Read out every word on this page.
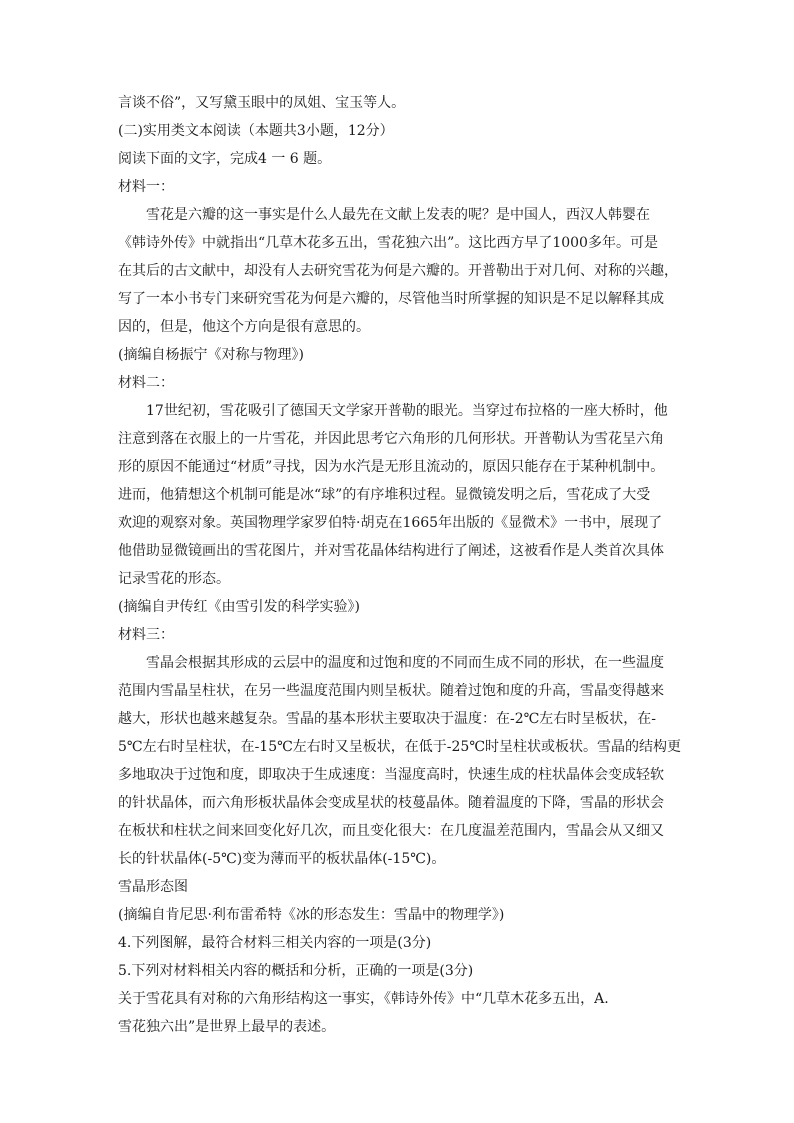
言谈不俗”，又写黛玉眼中的凤姐、宝玉等人。
(二)实用类文本阅读（本题共3小题，12分）
阅读下面的文字，完成4 一 6 题。
材料一：
雪花是六瓣的这一事实是什么人最先在文献上发表的呢？是中国人，西汉人韩婴在
《韩诗外传》中就指出“几草木花多五出，雪花独六出”。这比西方早了1000多年。可是
在其后的古文献中，却没有人去研究雪花为何是六瓣的。开普勒出于对几何、对称的兴趣，
写了一本小书专门来研究雪花为何是六瓣的，尽管他当时所掌握的知识是不足以解释其成
因的，但是，他这个方向是很有意思的。
(摘编自杨振宁《对称与物理》)
材料二：
17世纪初，雪花吸引了德国天文学家开普勒的眼光。当穿过布拉格的一座大桥时，他
注意到落在衣服上的一片雪花，并因此思考它六角形的几何形状。开普勒认为雪花呈六角
形的原因不能通过“材质”寻找，因为水汽是无形且流动的，原因只能存在于某种机制中。
进而，他猜想这个机制可能是冰“球”的有序堆积过程。显微镜发明之后，雪花成了大受
欢迎的观察对象。英国物理学家罗伯特·胡克在1665年出版的《显微术》一书中，展现了
他借助显微镜画出的雪花图片，并对雪花晶体结构进行了阐述，这被看作是人类首次具体
记录雪花的形态。
(摘编自尹传红《由雪引发的科学实验》)
材料三：
雪晶会根据其形成的云层中的温度和过饱和度的不同而生成不同的形状，在一些温度
范围内雪晶呈柱状，在另一些温度范围内则呈板状。随着过饱和度的升高，雪晶变得越来
越大，形状也越来越复杂。雪晶的基本形状主要取决于温度：在-2℃左右时呈板状，在-
5℃左右时呈柱状，在-15℃左右时又呈板状，在低于-25℃时呈柱状或板状。雪晶的结构更
多地取决于过饱和度，即取决于生成速度：当湿度高时，快速生成的柱状晶体会变成轻软
的针状晶体，而六角形板状晶体会变成星状的枝蔓晶体。随着温度的下降，雪晶的形状会
在板状和柱状之间来回变化好几次，而且变化很大：在几度温差范围内，雪晶会从又细又
长的针状晶体(-5℃)变为薄而平的板状晶体(-15℃)。
雪晶形态图
(摘编自肯尼思·利布雷希特《冰的形态发生：雪晶中的物理学》)
4.下列图解，最符合材料三相关内容的一项是(3分)
5.下列对材料相关内容的概括和分析，正确的一项是(3分)
关于雪花具有对称的六角形结构这一事实，《韩诗外传》中“几草木花多五出，A.
雪花独六出”是世界上最早的表述。
